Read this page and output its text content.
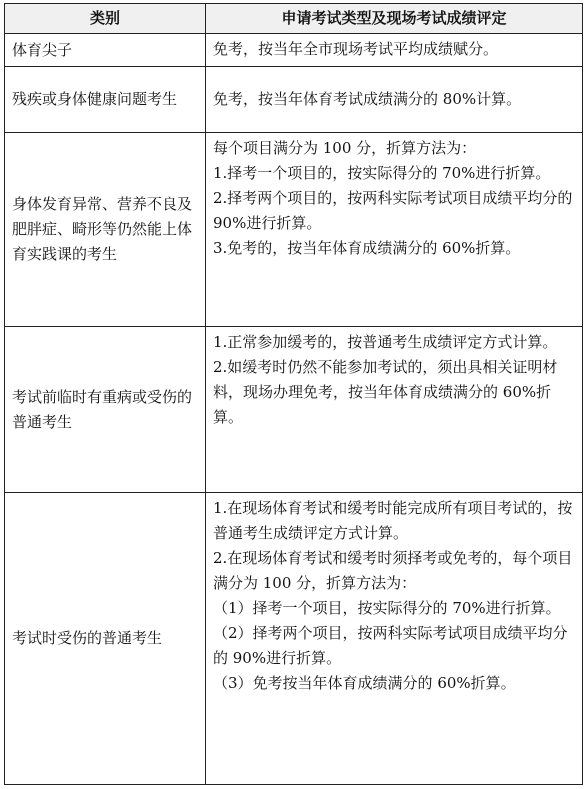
类别	申请考试类型及现场考试成绩评定
体育尖子	免考，按当年全市现场考试平均成绩赋分。

残疾或身体健康问题考生	免考，按当年体育考试成绩满分的 80%计算。

身体发育异常、营养不良及肥胖症、畸形等仍然能上体育实践课的考生	每个项目满分为 100 分，折算方法为：

1.择考一个项目的，按实际得分的 70%进行折算。

2.择考两个项目的，按两科实际考试项目成绩平均分的 90%进行折算。

3.免考的，按当年体育成绩满分的 60%折算。

考试前临时有重病或受伤的普通考生	1.正常参加缓考的，按普通考生成绩评定方式计算。

2.如缓考时仍然不能参加考试的，须出具相关证明材料，现场办理免考，按当年体育成绩满分的 60%折算。

考试时受伤的普通考生	1.在现场体育考试和缓考时能完成所有项目考试的，按普通考生成绩评定方式计算。

2.在现场体育考试和缓考时须择考或免考的，每个项目满分为 100 分，折算方法为：

（1）择考一个项目，按实际得分的 70%进行折算。

（2）择考两个项目，按两科实际考试项目成绩平均分的 90%进行折算。

（3）免考按当年体育成绩满分的 60%折算。
